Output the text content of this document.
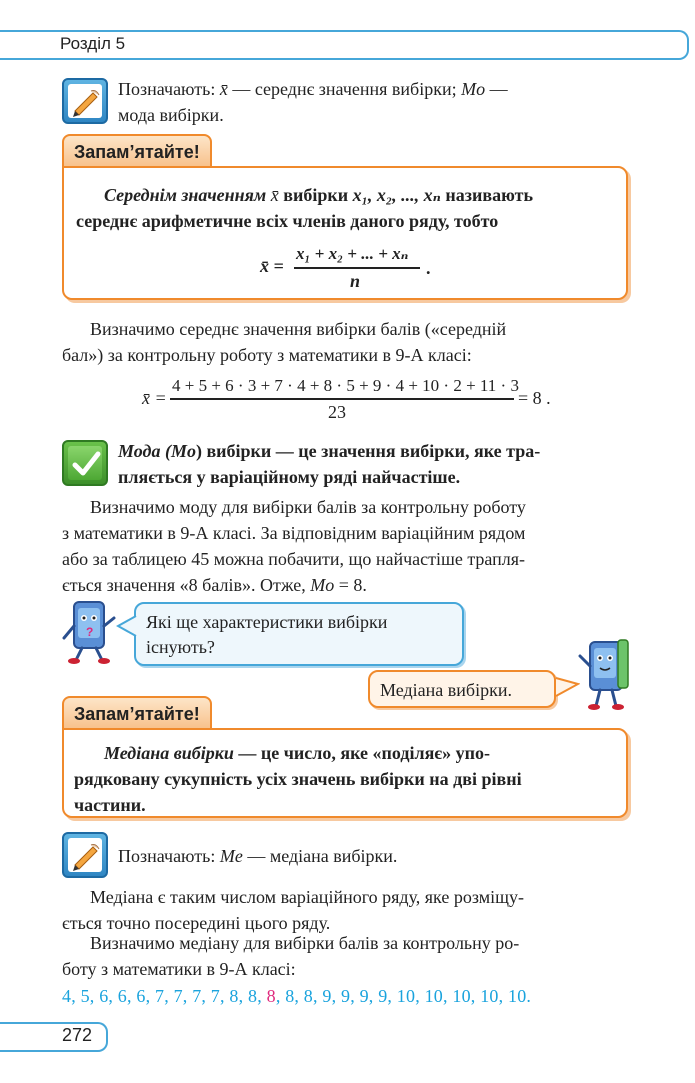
Розділ 5
Позначають: x̄ — середнє значення вибірки; Mo —
мода вибірки.
Запам’ятайте!
Середнім значенням x̄ вибірки x₁, x₂, ..., xₙ називають
середнє арифметичне всіх членів даного ряду, тобто
x̄ =
x₁ + x₂ + ... + xₙ
n
.
Визначимо середнє значення вибірки балів («середній
бал») за контрольну роботу з математики в 9-А класі:
x̄ =
4 + 5 + 6 · 3 + 7 · 4 + 8 · 5 + 9 · 4 + 10 · 2 + 11 · 3
23
= 8 .
Мода (Mo) вибірки — це значення вибірки, яке тра-
пляється у варіаційному ряді найчастіше.
Визначимо моду для вибірки балів за контрольну роботу
з математики в 9-А класі. За відповідним варіаційним рядом
або за таблицею 45 можна побачити, що найчастіше трапля-
ється значення «8 балів». Отже, Mo = 8.
?	Які ще характеристики вибірки
існують?
Медіана вибірки.
Запам’ятайте!
Медіана вибірки — це число, яке «поділяє» упо-
рядковану сукупність усіх значень вибірки на дві рівні
частини.
Позначають: Me — медіана вибірки.
Медіана є таким числом варіаційного ряду, яке розміщу-
ється точно посередині цього ряду.
Визначимо медіану для вибірки балів за контрольну ро-
боту з математики в 9-А класі:
4, 5, 6, 6, 6, 7, 7, 7, 7, 8, 8, 8, 8, 8, 9, 9, 9, 9, 10, 10, 10, 10, 10.
272
